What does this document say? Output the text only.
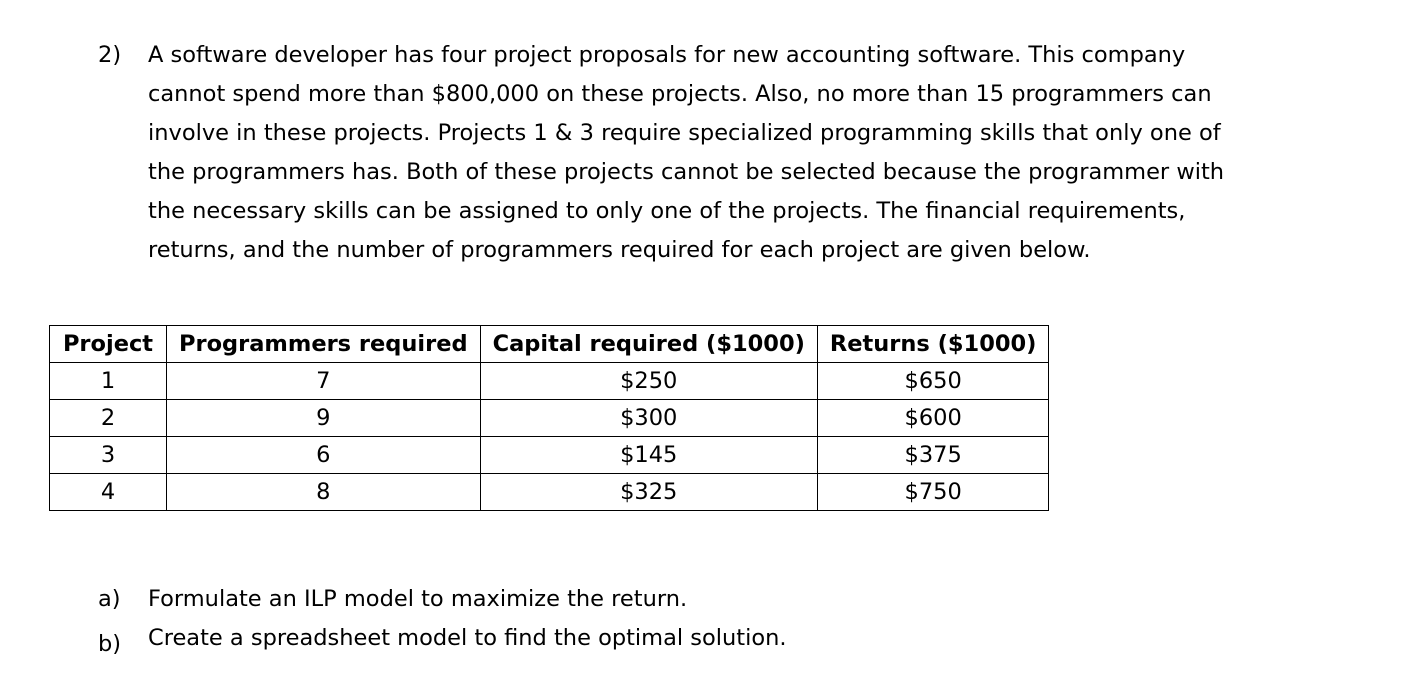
2) A software developer has four project proposals for new accounting software. This company
cannot spend more than $800,000 on these projects. Also, no more than 15 programmers can
involve in these projects. Projects 1 & 3 require specialized programming skills that only one of
the programmers has. Both of these projects cannot be selected because the programmer with
the necessary skills can be assigned to only one of the projects. The financial requirements,
returns, and the number of programmers required for each project are given below.
Project	Programmers required	Capital required ($1000)	Returns ($1000)
1	7	$250	$650
2	9	$300	$600
3	6	$145	$375
4	8	$325	$750
a) Formulate an ILP model to maximize the return.
b) Create a spreadsheet model to find the optimal solution.
